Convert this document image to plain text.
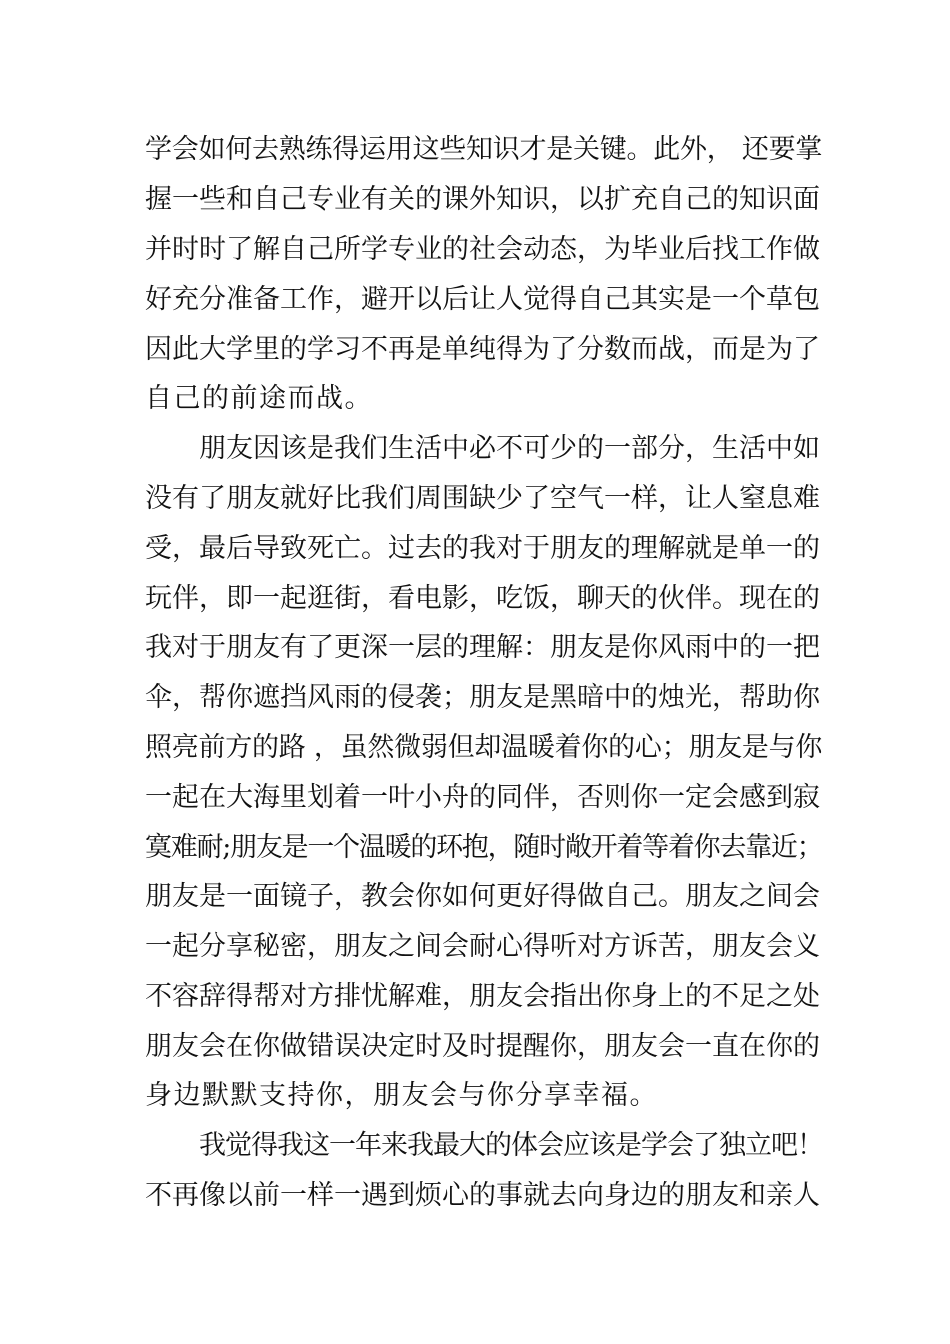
学会如何去熟练得运用这些知识才是关键。此外， 还要掌
握一些和自己专业有关的课外知识，以扩充自己的知识面
并时时了解自己所学专业的社会动态，为毕业后找工作做
好充分准备工作，避开以后让人觉得自己其实是一个草包
因此大学里的学习不再是单纯得为了分数而战，而是为了
自己的前途而战。
朋友因该是我们生活中必不可少的一部分，生活中如
没有了朋友就好比我们周围缺少了空气一样，让人窒息难
受，最后导致死亡。过去的我对于朋友的理解就是单一的
玩伴，即一起逛街，看电影，吃饭，聊天的伙伴。现在的
我对于朋友有了更深一层的理解：朋友是你风雨中的一把
伞，帮你遮挡风雨的侵袭；朋友是黑暗中的烛光，帮助你
照亮前方的路 ，虽然微弱但却温暖着你的心；朋友是与你
一起在大海里划着一叶小舟的同伴，否则你一定会感到寂
寞难耐;朋友是一个温暖的环抱，随时敞开着等着你去靠近；
朋友是一面镜子，教会你如何更好得做自己。朋友之间会
一起分享秘密，朋友之间会耐心得听对方诉苦，朋友会义
不容辞得帮对方排忧解难，朋友会指出你身上的不足之处
朋友会在你做错误决定时及时提醒你，朋友会一直在你的
身边默默支持你，朋友会与你分享幸福。
我觉得我这一年来我最大的体会应该是学会了独立吧！
不再像以前一样一遇到烦心的事就去向身边的朋友和亲人
